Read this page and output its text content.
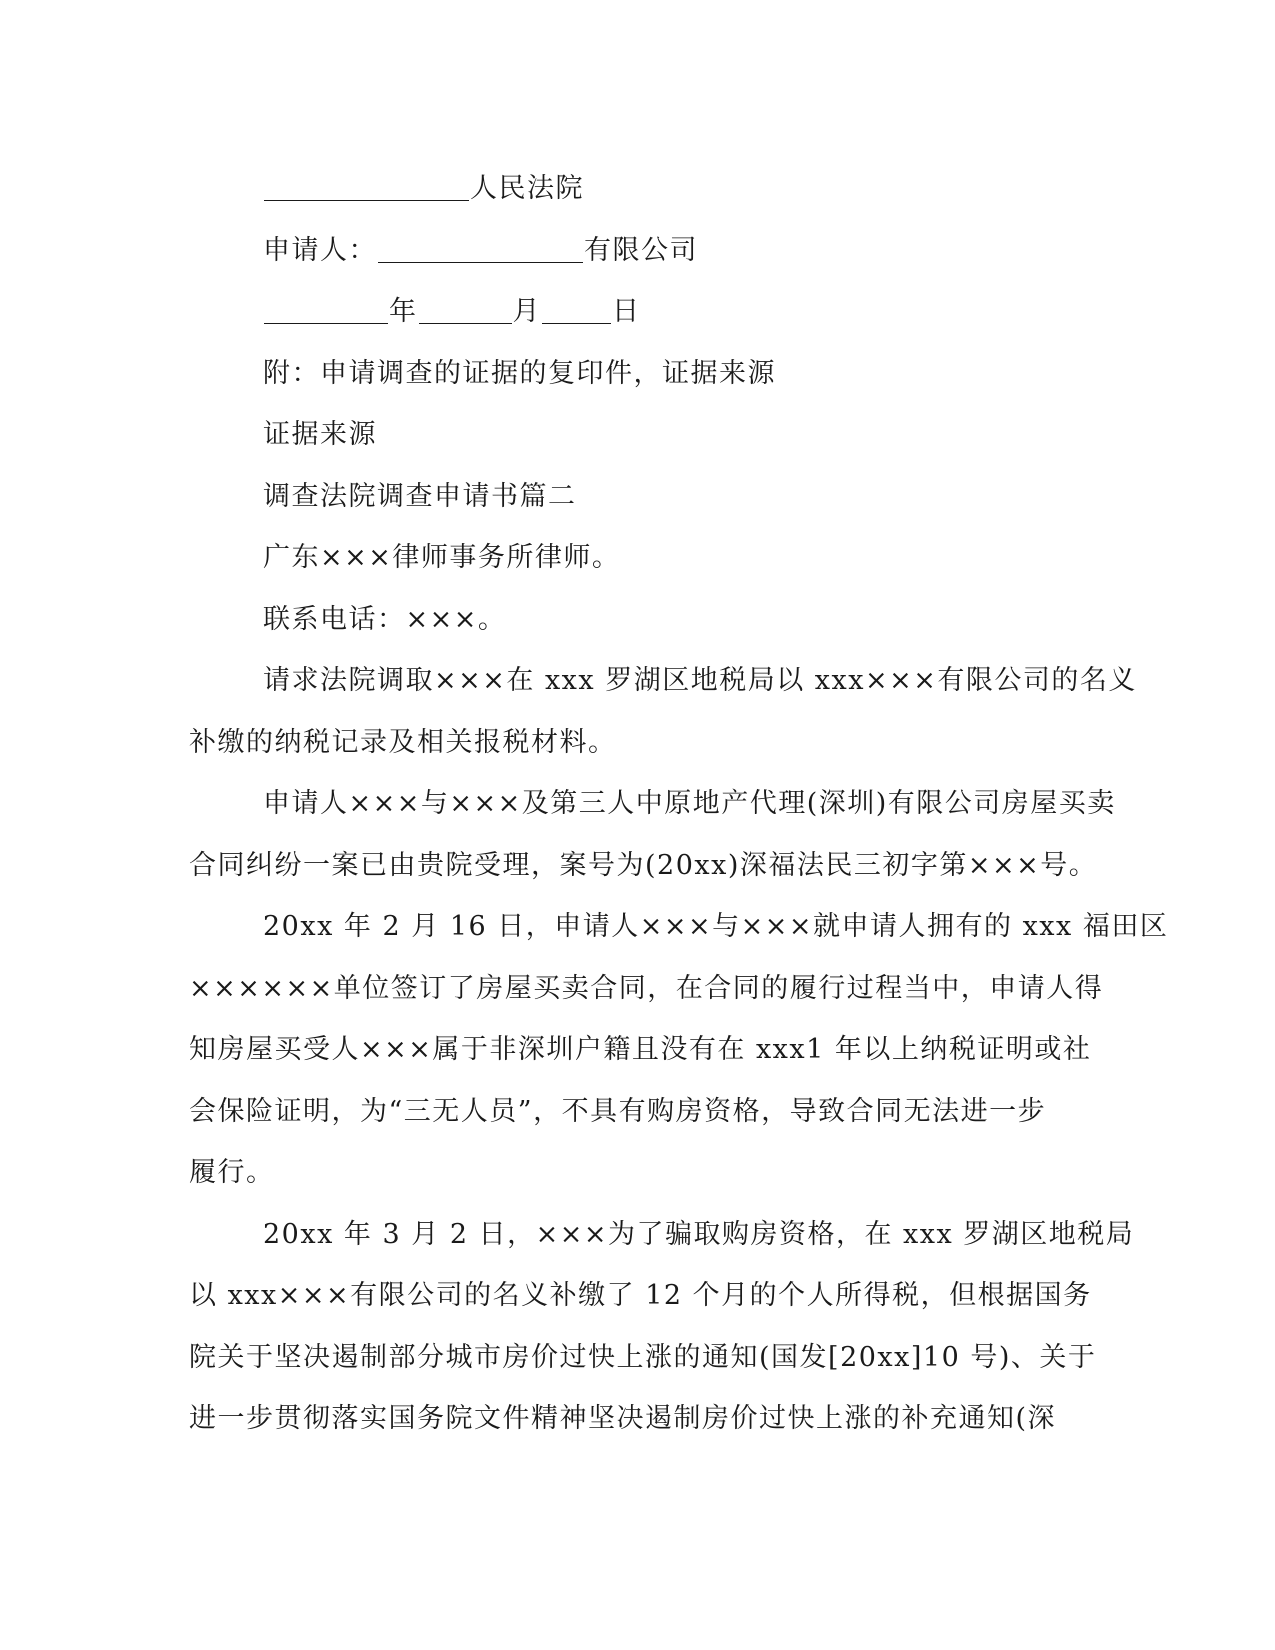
人民法院
申请人：	有限公司
年	月	日
附：申请调查的证据的复印件，证据来源
证据来源
调查法院调查申请书篇二
广东×××律师事务所律师。
联系电话：×××。
请求法院调取×××在 xxx 罗湖区地税局以 xxx×××有限公司的名义
补缴的纳税记录及相关报税材料。
申请人×××与×××及第三人中原地产代理(深圳)有限公司房屋买卖
合同纠纷一案已由贵院受理，案号为(20xx)深福法民三初字第×××号。
20xx 年 2 月 16 日，申请人×××与×××就申请人拥有的 xxx 福田区
××××××单位签订了房屋买卖合同，在合同的履行过程当中，申请人得
知房屋买受人×××属于非深圳户籍且没有在 xxx1 年以上纳税证明或社
会保险证明，为“三无人员”，不具有购房资格，导致合同无法进一步
履行。
20xx 年 3 月 2 日，×××为了骗取购房资格，在 xxx 罗湖区地税局
以 xxx×××有限公司的名义补缴了 12 个月的个人所得税，但根据国务
院关于坚决遏制部分城市房价过快上涨的通知(国发[20xx]10 号)、关于
进一步贯彻落实国务院文件精神坚决遏制房价过快上涨的补充通知(深
